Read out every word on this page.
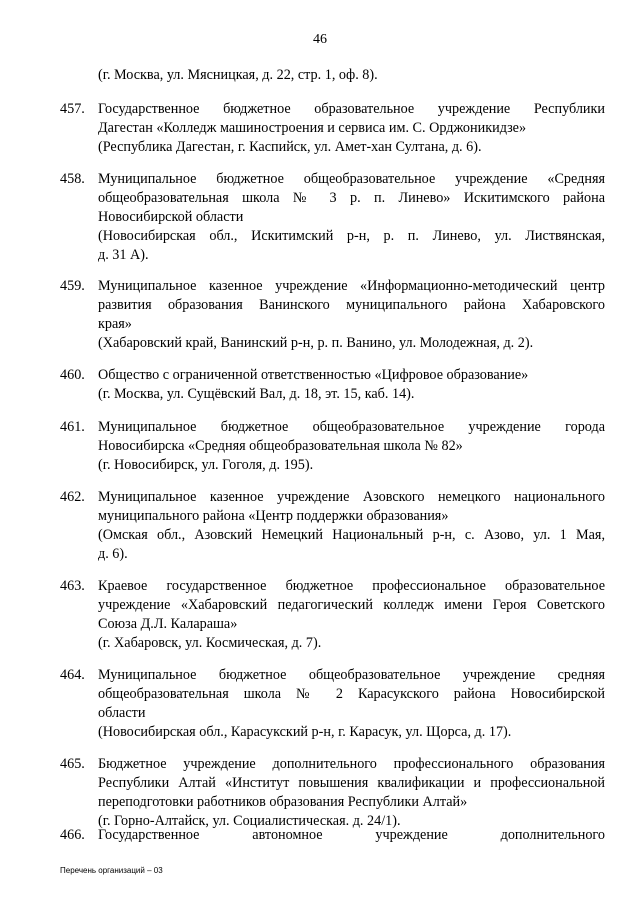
46
(г. Москва, ул. Мясницкая, д. 22, стр. 1, оф. 8).
457. Государственное бюджетное образовательное учреждение Республики
Дагестан «Колледж машиностроения и сервиса им. С. Орджоникидзе»
(Республика Дагестан, г. Каспийск, ул. Амет-хан Султана, д. 6).
458. Муниципальное бюджетное общеобразовательное учреждение «Средняя
общеобразовательная школа № 3 р. п. Линево» Искитимского района
Новосибирской области
(Новосибирская обл., Искитимский р-н, р. п. Линево, ул. Листвянская,
д. 31 А).
459. Муниципальное казенное учреждение «Информационно-методический центр
развития образования Ванинского муниципального района Хабаровского
края»
(Хабаровский край, Ванинский р-н, р. п. Ванино, ул. Молодежная, д. 2).
460. Общество с ограниченной ответственностью «Цифровое образование»
(г. Москва, ул. Сущёвский Вал, д. 18, эт. 15, каб. 14).
461. Муниципальное бюджетное общеобразовательное учреждение города
Новосибирска «Средняя общеобразовательная школа № 82»
(г. Новосибирск, ул. Гоголя, д. 195).
462. Муниципальное казенное учреждение Азовского немецкого национального
муниципального района «Центр поддержки образования»
(Омская обл., Азовский Немецкий Национальный р-н, с. Азово, ул. 1 Мая,
д. 6).
463. Краевое государственное бюджетное профессиональное образовательное
учреждение «Хабаровский педагогический колледж имени Героя Советского
Союза Д.Л. Калараша»
(г. Хабаровск, ул. Космическая, д. 7).
464. Муниципальное бюджетное общеобразовательное учреждение средняя
общеобразовательная школа № 2 Карасукского района Новосибирской
области
(Новосибирская обл., Карасукский р-н, г. Карасук, ул. Щорса, д. 17).
465. Бюджетное учреждение дополнительного профессионального образования
Республики Алтай «Институт повышения квалификации и профессиональной
переподготовки работников образования Республики Алтай»
(г. Горно-Алтайск, ул. Социалистическая. д. 24/1).
466. Государственное автономное учреждение дополнительного
Перечень организаций – 03
